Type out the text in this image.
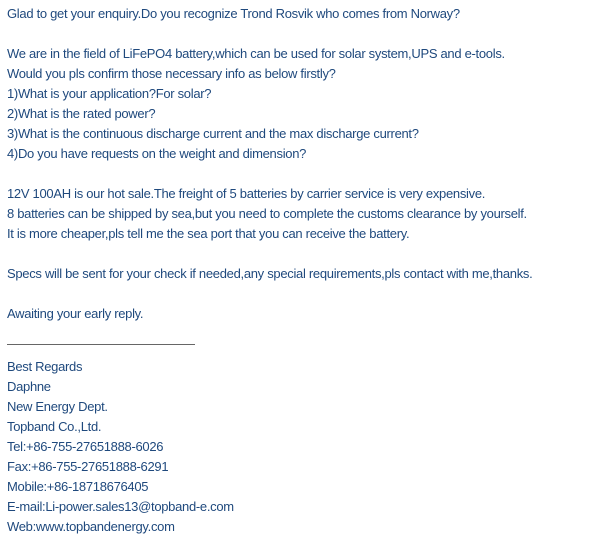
Glad to get your enquiry.Do you recognize Trond Rosvik who comes from Norway?
We are in the field of LiFePO4 battery,which can be used for solar system,UPS and e-tools.
Would you pls confirm those necessary info as below firstly?
1)What is your application?For solar?
2)What is the rated power?
3)What is the continuous discharge current and the max discharge current?
4)Do you have requests on the weight and dimension?
12V 100AH is our hot sale.The freight of 5 batteries by carrier service is very expensive.
8 batteries can be shipped by sea,but you need to complete the customs clearance by yourself.
It is more cheaper,pls tell me the sea port that you can receive the battery.
Specs will be sent for your check if needed,any special requirements,pls contact with me,thanks.
Awaiting your early reply.
Best Regards
Daphne
New Energy Dept.
Topband Co.,Ltd.
Tel:+86-755-27651888-6026
Fax:+86-755-27651888-6291
Mobile:+86-18718676405
E-mail:Li-power.sales13@topband-e.com
Web:www.topbandenergy.com
